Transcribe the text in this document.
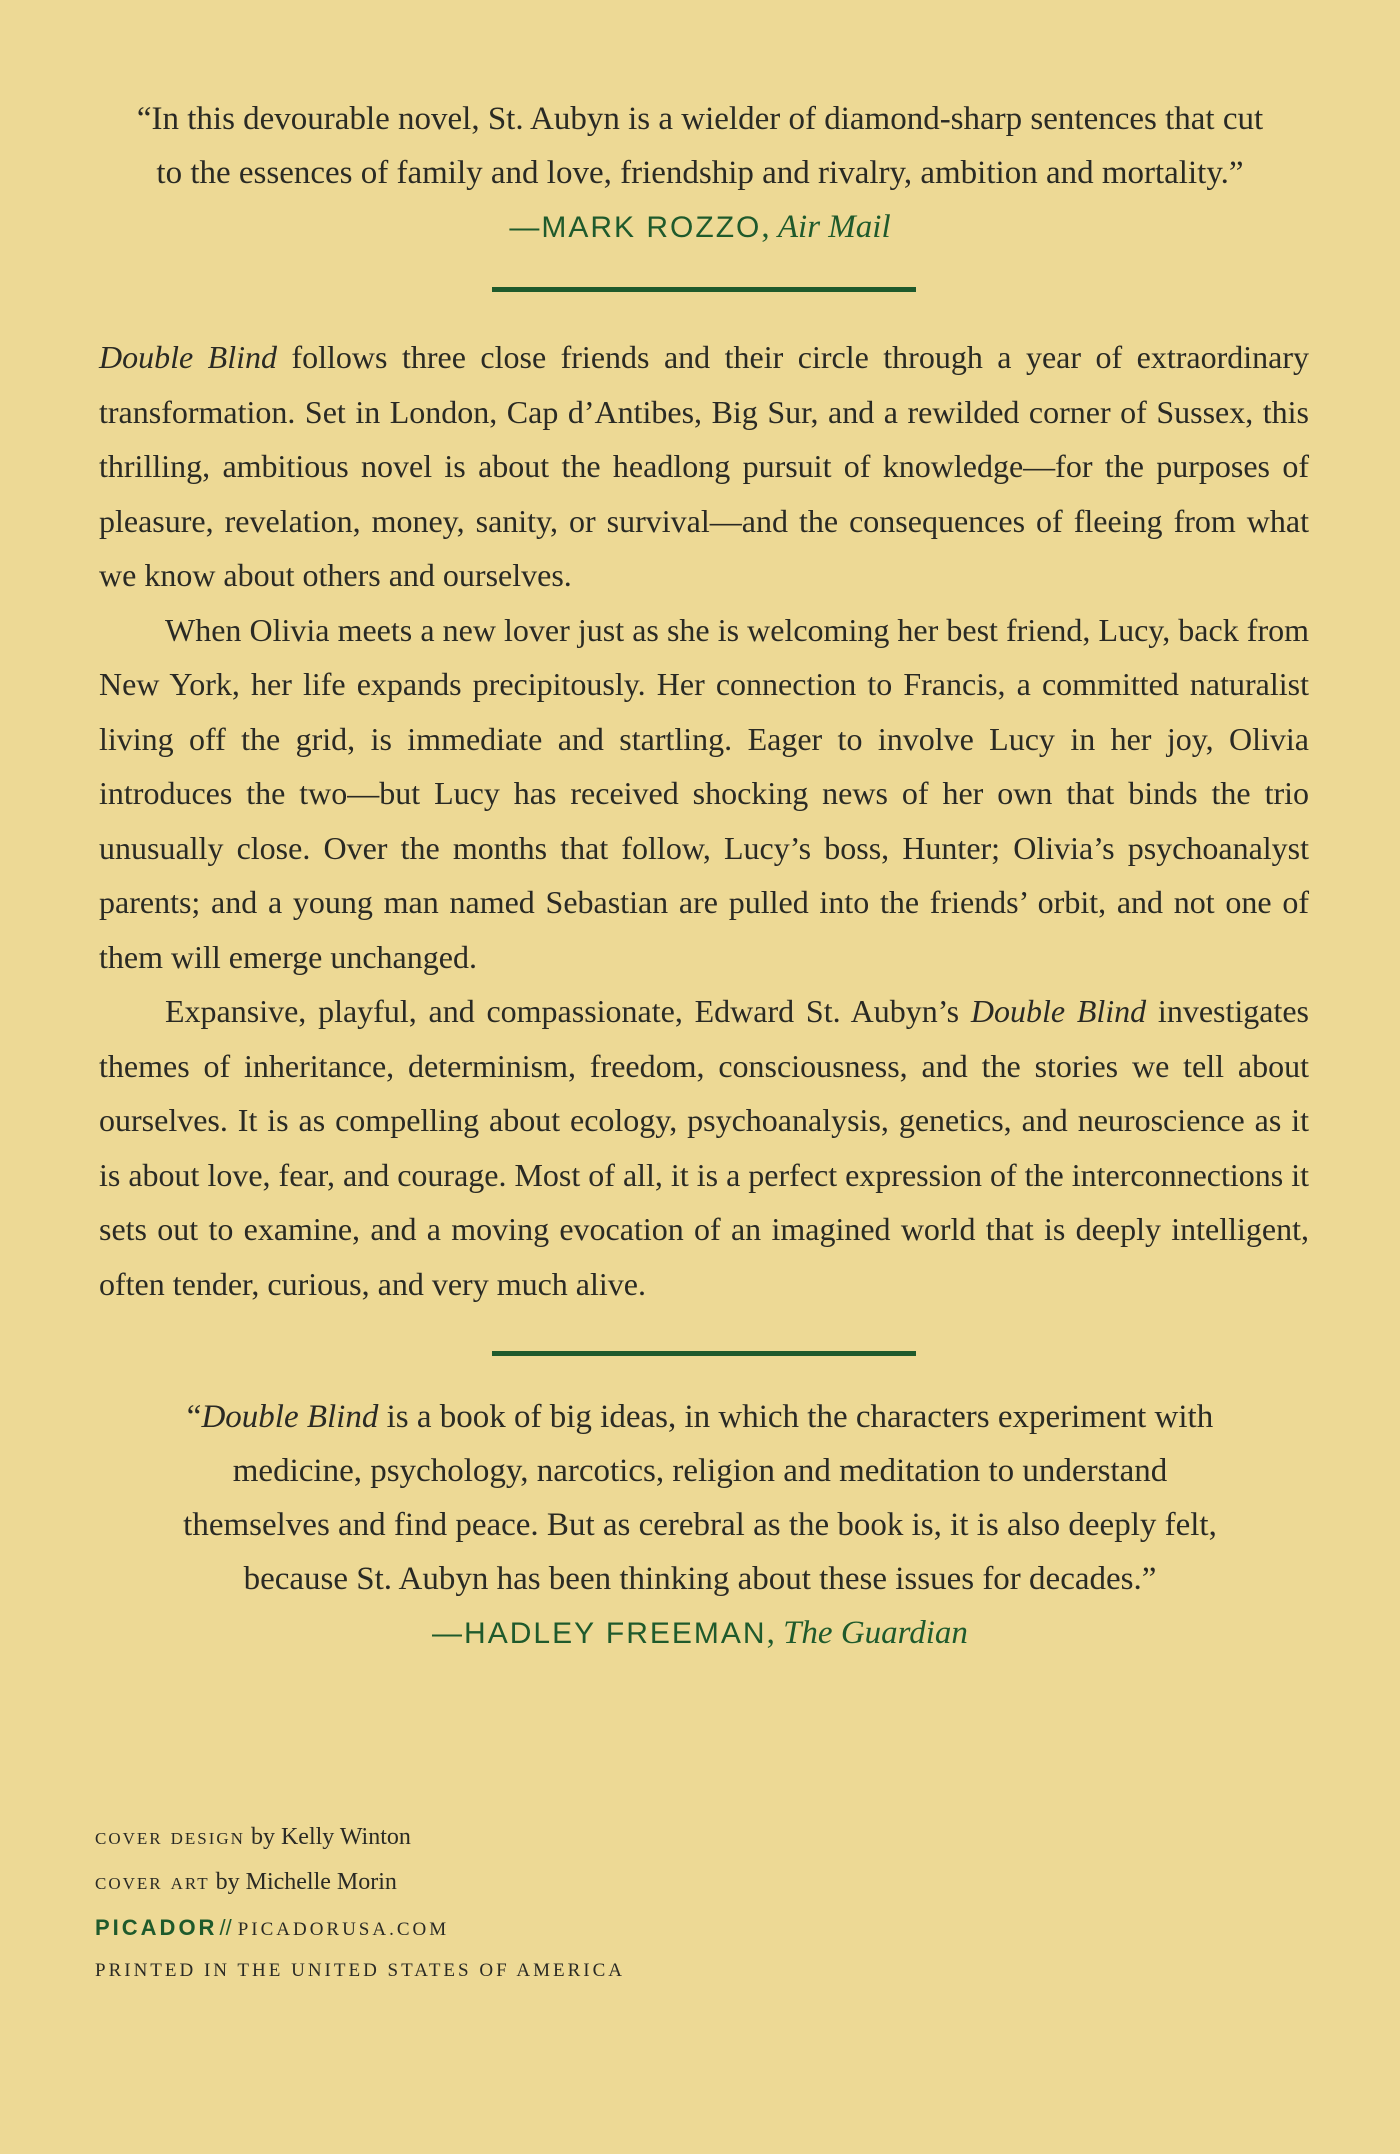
“In this devourable novel, St. Aubyn is a wielder of diamond-sharp sentences that cut

to the essences of family and love, friendship and rivalry, ambition and mortality.”

—MARK ROZZO, Air Mail

Double Blind follows three close friends and their circle through a year of extraordinary transformation. Set in London, Cap d’Antibes, Big Sur, and a rewilded corner of Sussex, this thrilling, ambitious novel is about the headlong pursuit of knowledge—for the purposes of pleasure, revelation, money, sanity, or survival—and the consequences of fleeing from what we know about others and ourselves.

When Olivia meets a new lover just as she is welcoming her best friend, Lucy, back from New York, her life expands precipitously. Her connection to Francis, a committed naturalist living off the grid, is immediate and startling. Eager to involve Lucy in her joy, Olivia introduces the two—but Lucy has received shocking news of her own that binds the trio unusually close. Over the months that follow, Lucy’s boss, Hunter; Olivia’s psychoanalyst parents; and a young man named Sebastian are pulled into the friends’ orbit, and not one of them will emerge unchanged.

Expansive, playful, and compassionate, Edward St. Aubyn’s Double Blind investigates themes of inheritance, determinism, freedom, consciousness, and the stories we tell about ourselves. It is as compelling about ecology, psychoanalysis, genetics, and neuroscience as it is about love, fear, and courage. Most of all, it is a perfect expression of the interconnections it sets out to examine, and a moving evocation of an imagined world that is deeply intelligent, often tender, curious, and very much alive.

“Double Blind is a book of big ideas, in which the characters experiment with

medicine, psychology, narcotics, religion and meditation to understand

themselves and find peace. But as cerebral as the book is, it is also deeply felt,

because St. Aubyn has been thinking about these issues for decades.”

—HADLEY FREEMAN, The Guardian

cover design by Kelly Winton
cover art by Michelle Morin
PICADOR// PICADORUSA.COM
PRINTED IN THE UNITED STATES OF AMERICA
